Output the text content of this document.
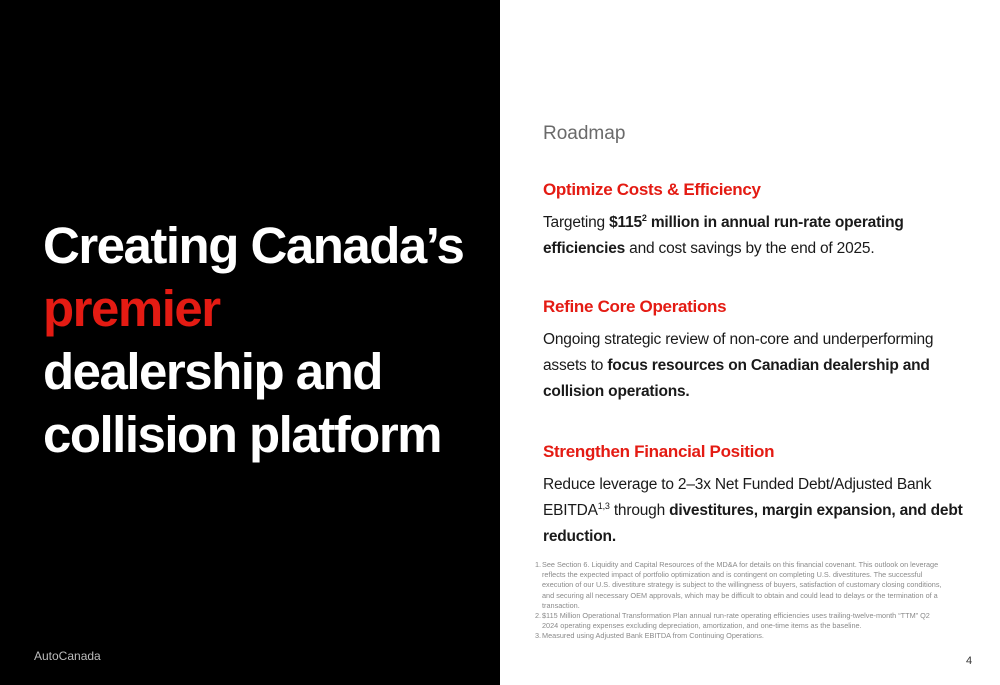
Creating Canada’s
premier
dealership and
collision platform
AutoCanada
Roadmap
Optimize Costs & Efficiency

Targeting $\$115^2$ million in annual run-rate operating efficiencies and cost savings by the end of 2025.

Refine Core Operations

Ongoing strategic review of non-core and underperforming assets to focus resources on Canadian dealership and collision operations.

Strengthen Financial Position

Reduce leverage to 2–3x Net Funded Debt/Adjusted Bank EBITDA$^{1,3}$ through divestitures, margin expansion, and debt reduction.

1. See Section 6. Liquidity and Capital Resources of the MD&A for details on this financial covenant. This outlook on leverage reflects the expected impact of portfolio optimization and is contingent on completing U.S. divestitures. The successful execution of our U.S. divestiture strategy is subject to the willingness of buyers, satisfaction of customary closing conditions, and securing all necessary OEM approvals, which may be difficult to obtain and could lead to delays or the termination of a transaction.
2. $115 Million Operational Transformation Plan annual run-rate operating efficiencies uses trailing-twelve-month “TTM” Q2 2024 operating expenses excluding depreciation, amortization, and one-time items as the baseline.
3. Measured using Adjusted Bank EBITDA from Continuing Operations.
4
